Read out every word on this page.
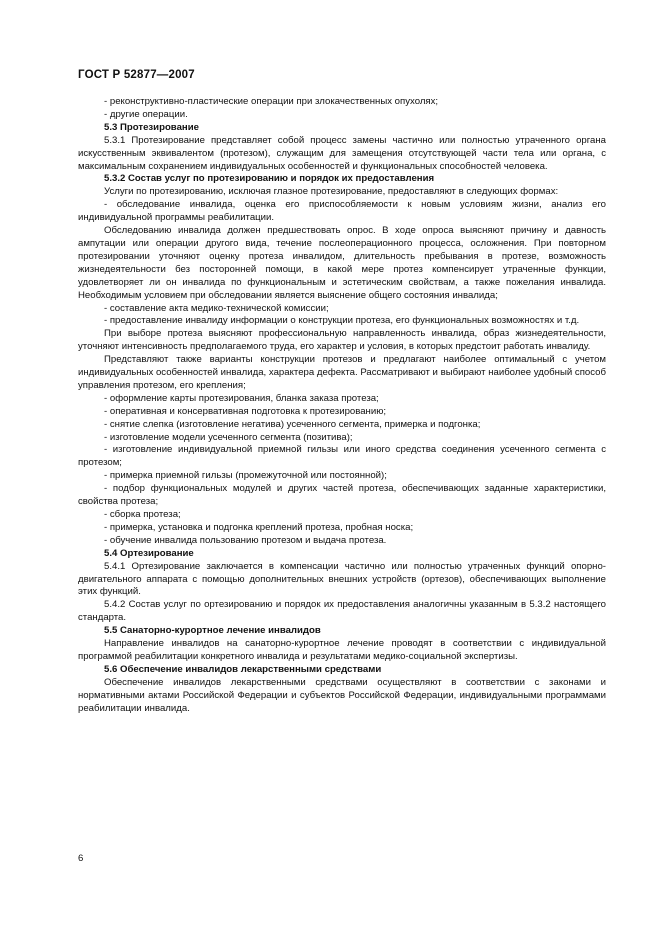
ГОСТ Р 52877—2007

- реконструктивно-пластические операции при злокачественных опухолях;

- другие операции.

5.3 Протезирование

5.3.1 Протезирование представляет собой процесс замены частично или полностью утраченного органа искусственным эквивалентом (протезом), служащим для замещения отсутствующей части тела или органа, с максимальным сохранением индивидуальных особенностей и функциональных способностей человека.

5.3.2 Состав услуг по протезированию и порядок их предоставления

Услуги по протезированию, исключая глазное протезирование, предоставляют в следующих формах:

- обследование инвалида, оценка его приспособляемости к новым условиям жизни, анализ его индивидуальной программы реабилитации.

Обследованию инвалида должен предшествовать опрос. В ходе опроса выясняют причину и давность ампутации или операции другого вида, течение послеоперационного процесса, осложнения. При повторном протезировании уточняют оценку протеза инвалидом, длительность пребывания в протезе, возможность жизнедеятельности без посторонней помощи, в какой мере протез компенсирует утраченные функции, удовлетворяет ли он инвалида по функциональным и эстетическим свойствам, а также пожелания инвалида. Необходимым условием при обследовании является выяснение общего состояния инвалида;

- составление акта медико-технической комиссии;

- предоставление инвалиду информации о конструкции протеза, его функциональных возможностях и т.д.

При выборе протеза выясняют профессиональную направленность инвалида, образ жизнедеятельности, уточняют интенсивность предполагаемого труда, его характер и условия, в которых предстоит работать инвалиду.

Представляют также варианты конструкции протезов и предлагают наиболее оптимальный с учетом индивидуальных особенностей инвалида, характера дефекта. Рассматривают и выбирают наиболее удобный способ управления протезом, его крепления;

- оформление карты протезирования, бланка заказа протеза;

- оперативная и консервативная подготовка к протезированию;

- снятие слепка (изготовление негатива) усеченного сегмента, примерка и подгонка;

- изготовление модели усеченного сегмента (позитива);

- изготовление индивидуальной приемной гильзы или иного средства соединения усеченного сегмента с протезом;

- примерка приемной гильзы (промежуточной или постоянной);

- подбор функциональных модулей и других частей протеза, обеспечивающих заданные характеристики, свойства протеза;

- сборка протеза;

- примерка, установка и подгонка креплений протеза, пробная носка;

- обучение инвалида пользованию протезом и выдача протеза.

5.4 Ортезирование

5.4.1 Ортезирование заключается в компенсации частично или полностью утраченных функций опорно-двигательного аппарата с помощью дополнительных внешних устройств (ортезов), обеспечивающих выполнение этих функций.

5.4.2 Состав услуг по ортезированию и порядок их предоставления аналогичны указанным в 5.3.2 настоящего стандарта.

5.5 Санаторно-курортное лечение инвалидов

Направление инвалидов на санаторно-курортное лечение проводят в соответствии с индивидуальной программой реабилитации конкретного инвалида и результатами медико-социальной экспертизы.

5.6 Обеспечение инвалидов лекарственными средствами

Обеспечение инвалидов лекарственными средствами осуществляют в соответствии с законами и нормативными актами Российской Федерации и субъектов Российской Федерации, индивидуальными программами реабилитации инвалида.

6
